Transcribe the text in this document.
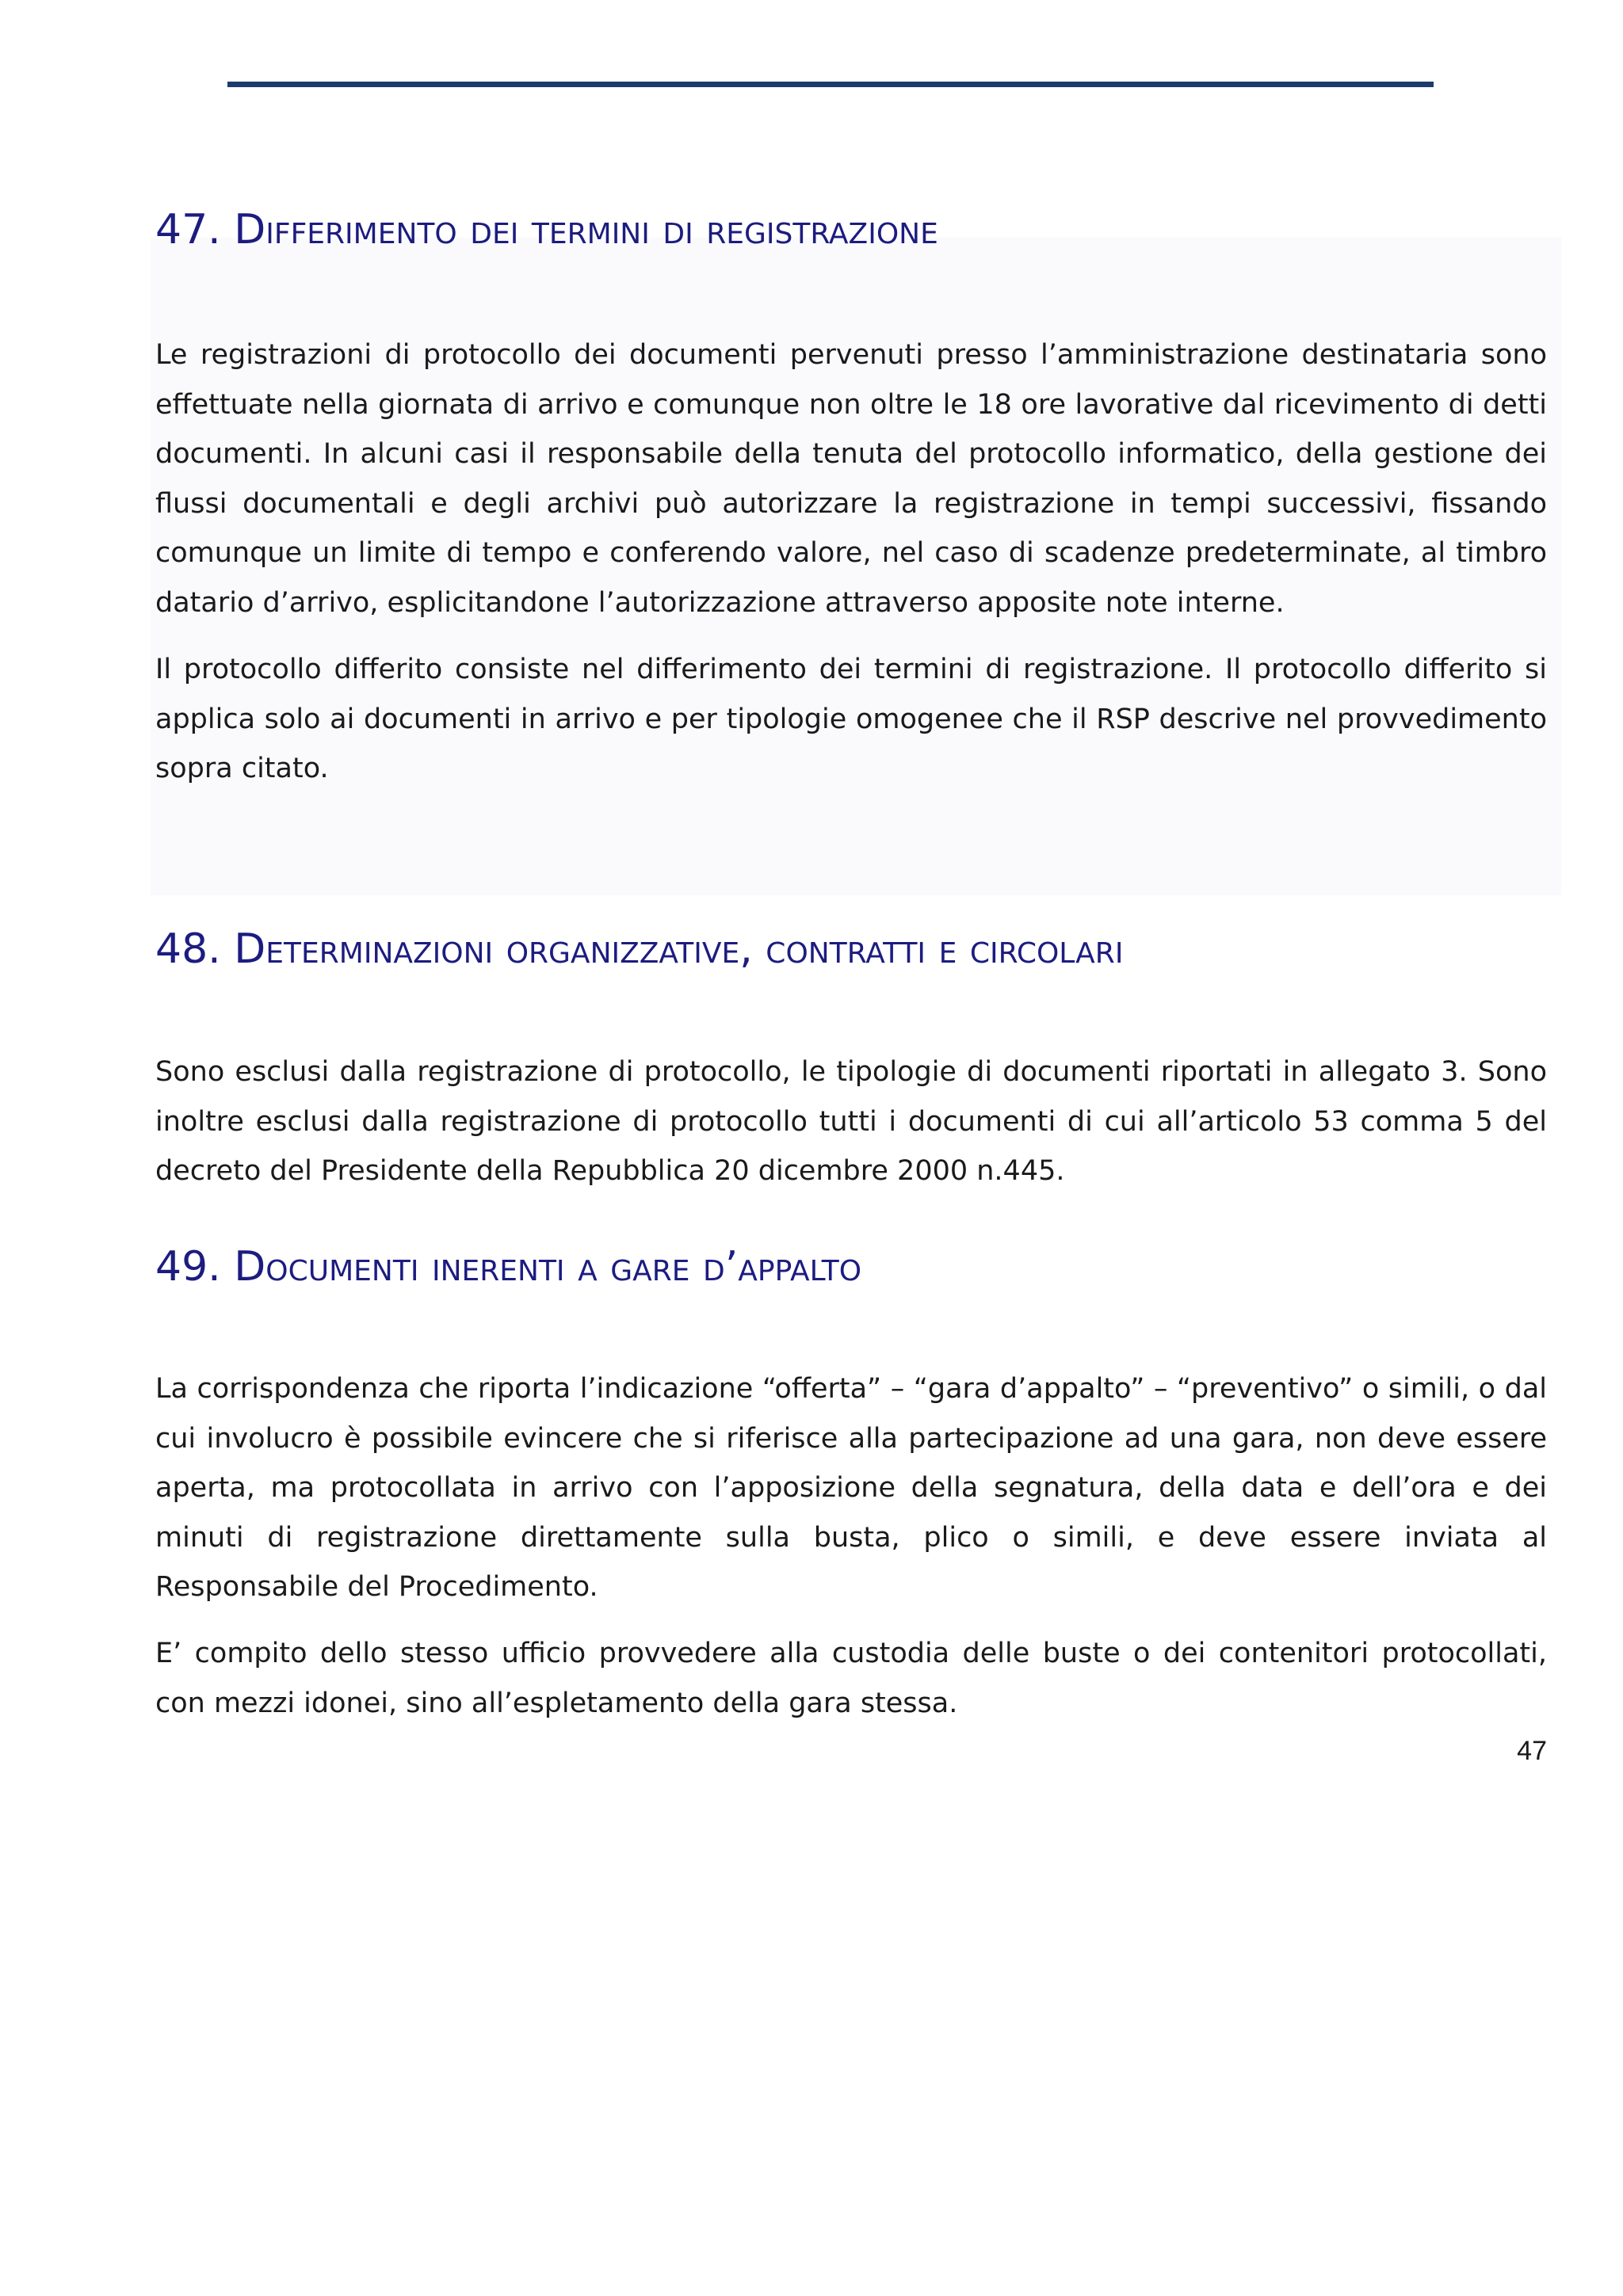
47. Differimento dei termini di registrazione

Le registrazioni di protocollo dei documenti pervenuti presso l’amministrazione destinataria sono effettuate nella giornata di arrivo e comunque non oltre le 18 ore lavorative dal ricevimento di detti documenti. In alcuni casi il responsabile della tenuta del protocollo informatico, della gestione dei flussi documentali e degli archivi può autorizzare la registrazione in tempi successivi, fissando comunque un limite di tempo e conferendo valore, nel caso di scadenze predeterminate, al timbro datario d’arrivo, esplicitandone l’autorizzazione attraverso apposite note interne.

Il protocollo differito consiste nel differimento dei termini di registrazione. Il protocollo differito si applica solo ai documenti in arrivo e per tipologie omogenee che il RSP descrive nel provvedimento sopra citato.

48. Determinazioni organizzative, contratti e circolari

Sono esclusi dalla registrazione di protocollo, le tipologie di documenti riportati in allegato 3. Sono inoltre esclusi dalla registrazione di protocollo tutti i documenti di cui all’articolo 53 comma 5 del decreto del Presidente della Repubblica 20 dicembre 2000 n.445.

49. Documenti inerenti a gare d’appalto

La corrispondenza che riporta l’indicazione “offerta” – “gara d’appalto” – “preventivo” o simili, o dal cui involucro è possibile evincere che si riferisce alla partecipazione ad una gara, non deve essere aperta, ma protocollata in arrivo con l’apposizione della segnatura, della data e dell’ora e dei minuti di registrazione direttamente sulla busta, plico o simili, e deve essere inviata al Responsabile del Procedimento.

E’ compito dello stesso ufficio provvedere alla custodia delle buste o dei contenitori protocollati, con mezzi idonei, sino all’espletamento della gara stessa.

47
